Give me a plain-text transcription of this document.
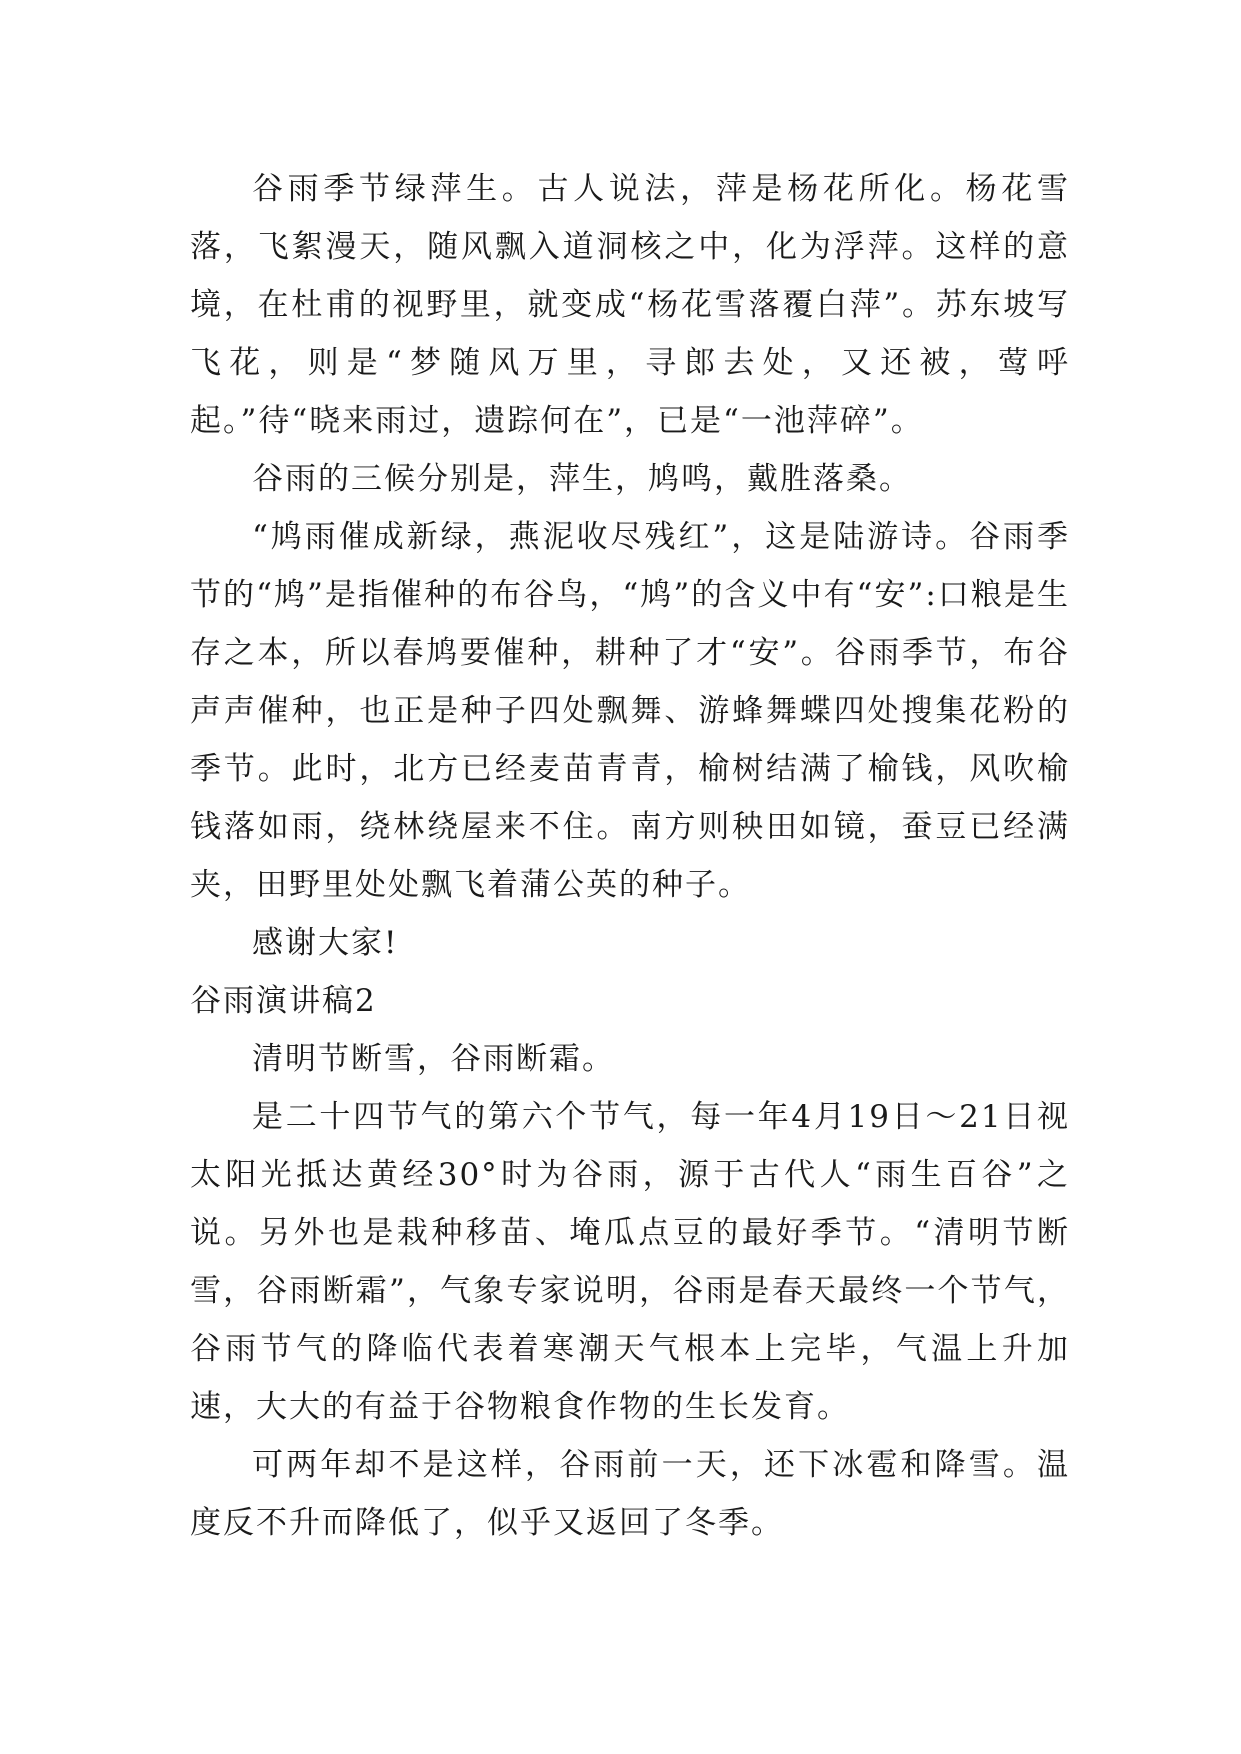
谷雨季节绿萍生。古人说法，萍是杨花所化。杨花雪落，飞絮漫天，随风飘入道洞核之中，化为浮萍。这样的意境，在杜甫的视野里，就变成“杨花雪落覆白萍”。苏东坡写飞花，则是“梦随风万里，寻郎去处，又还被，莺呼起。”待“晓来雨过，遗踪何在”，已是“一池萍碎”。

谷雨的三候分别是，萍生，鸠鸣，戴胜落桑。

“鸠雨催成新绿，燕泥收尽残红”，这是陆游诗。谷雨季节的“鸠”是指催种的布谷鸟，“鸠”的含义中有“安”:口粮是生存之本，所以春鸠要催种，耕种了才“安”。谷雨季节，布谷声声催种，也正是种子四处飘舞、游蜂舞蝶四处搜集花粉的季节。此时，北方已经麦苗青青，榆树结满了榆钱，风吹榆钱落如雨，绕林绕屋来不住。南方则秧田如镜，蚕豆已经满夹，田野里处处飘飞着蒲公英的种子。

感谢大家!

谷雨演讲稿2

清明节断雪，谷雨断霜。

是二十四节气的第六个节气，每一年4月19日～21日视太阳光抵达黄经30°时为谷雨，源于古代人“雨生百谷”之说。另外也是栽种移苗、埯瓜点豆的最好季节。“清明节断雪，谷雨断霜”，气象专家说明，谷雨是春天最终一个节气，谷雨节气的降临代表着寒潮天气根本上完毕，气温上升加速，大大的有益于谷物粮食作物的生长发育。

可两年却不是这样，谷雨前一天，还下冰雹和降雪。温度反不升而降低了，似乎又返回了冬季。
